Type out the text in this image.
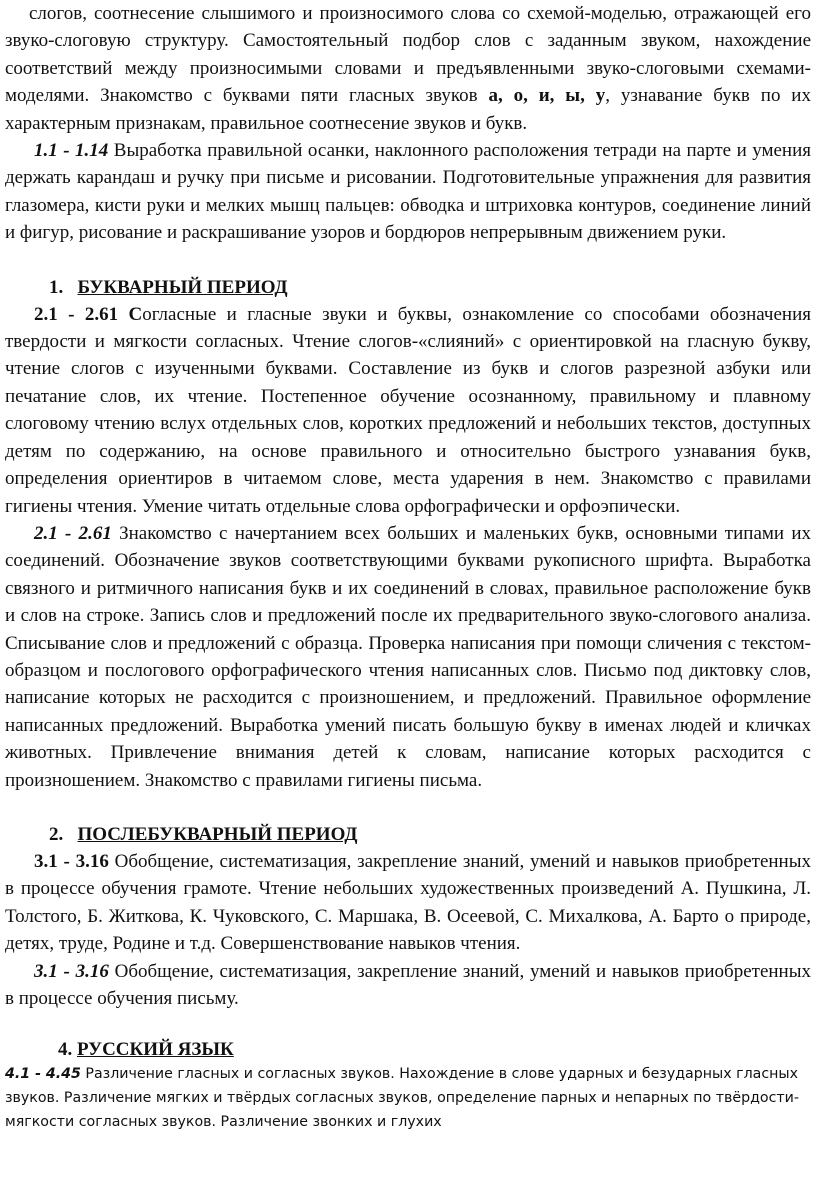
слогов, соотнесение слышимого и произносимого слова со схемой-моделью, отражающей его звуко-слоговую структуру. Самостоятельный подбор слов с заданным звуком, нахождение соответствий между произносимыми словами и предъявленными звуко-слоговыми схемами-моделями. Знакомство с буквами пяти гласных звуков а, о, и, ы, у, узнавание букв по их характерным признакам, правильное соотнесение звуков и букв.

1.1 - 1.14 Выработка правильной осанки, наклонного расположения тетради на парте и умения держать карандаш и ручку при письме и рисовании. Подготовительные упражнения для развития глазомера, кисти руки и мелких мышц пальцев: обводка и штриховка контуров, соединение линий и фигур, рисование и раскрашивание узоров и бордюров непрерывным движением руки.

1. БУКВАРНЫЙ ПЕРИОД

2.1 - 2.61 Согласные и гласные звуки и буквы, ознакомление со способами обозначения твердости и мягкости согласных. Чтение слогов-«слияний» с ориентировкой на гласную букву, чтение слогов с изученными буквами. Составление из букв и слогов разрезной азбуки или печатание слов, их чтение. Постепенное обучение осознанному, правильному и плавному слоговому чтению вслух отдельных слов, коротких предложений и небольших текстов, доступных детям по содержанию, на основе правильного и относительно быстрого узнавания букв, определения ориентиров в читаемом слове, места ударения в нем. Знакомство с правилами гигиены чтения. Умение читать отдельные слова орфографически и орфоэпически.

2.1 - 2.61 Знакомство с начертанием всех больших и маленьких букв, основными типами их соединений. Обозначение звуков соответствующими буквами рукописного шрифта. Выработка связного и ритмичного написания букв и их соединений в словах, правильное расположение букв и слов на строке. Запись слов и предложений после их предварительного звуко-слогового анализа. Списывание слов и предложений с образца. Проверка написания при помощи сличения с текстом-образцом и послогового орфографического чтения написанных слов. Письмо под диктовку слов, написание которых не расходится с произношением, и предложений. Правильное оформление написанных предложений. Выработка умений писать большую букву в именах людей и кличках животных. Привлечение внимания детей к словам, написание которых расходится с произношением. Знакомство с правилами гигиены письма.

2. ПОСЛЕБУКВАРНЫЙ ПЕРИОД

3.1 - 3.16 Обобщение, систематизация, закрепление знаний, умений и навыков приобретенных в процессе обучения грамоте. Чтение небольших художественных произведений А. Пушкина, Л. Толстого, Б. Житкова, К. Чуковского, С. Маршака, В. Осеевой, С. Михалкова, А. Барто о природе, детях, труде, Родине и т.д. Совершенствование навыков чтения.

3.1 - 3.16 Обобщение, систематизация, закрепление знаний, умений и навыков приобретенных в процессе обучения письму.

4. РУССКИЙ ЯЗЫК

4.1 - 4.45 Различение гласных и согласных звуков. Нахождение в слове ударных и безударных гласных звуков. Различение мягких и твёрдых согласных звуков, определение парных и непарных по твёрдости-мягкости согласных звуков. Различение звонких и глухих
